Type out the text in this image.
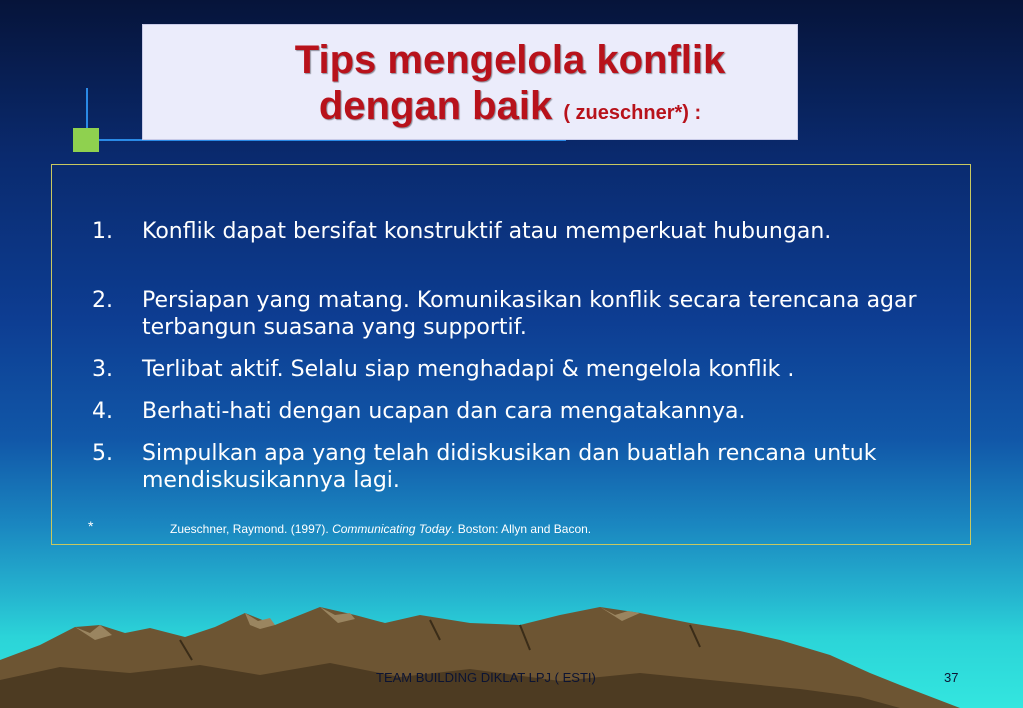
Tips mengelola konflik
dengan baik ( zueschner*) :
1.	Konflik dapat bersifat konstruktif atau memperkuat hubungan.
2.	Persiapan yang matang. Komunikasikan konflik secara terencana agar terbangun suasana yang supportif.
3.	Terlibat aktif. Selalu siap menghadapi & mengelola konflik .
4.	Berhati-hati dengan ucapan dan cara mengatakannya.
5.	Simpulkan apa yang telah didiskusikan dan buatlah rencana untuk mendiskusikannya lagi.
*	Zueschner, Raymond. (1997). Communicating Today. Boston: Allyn and Bacon.
TEAM BUILDING DIKLAT LPJ ( ESTI)	37
